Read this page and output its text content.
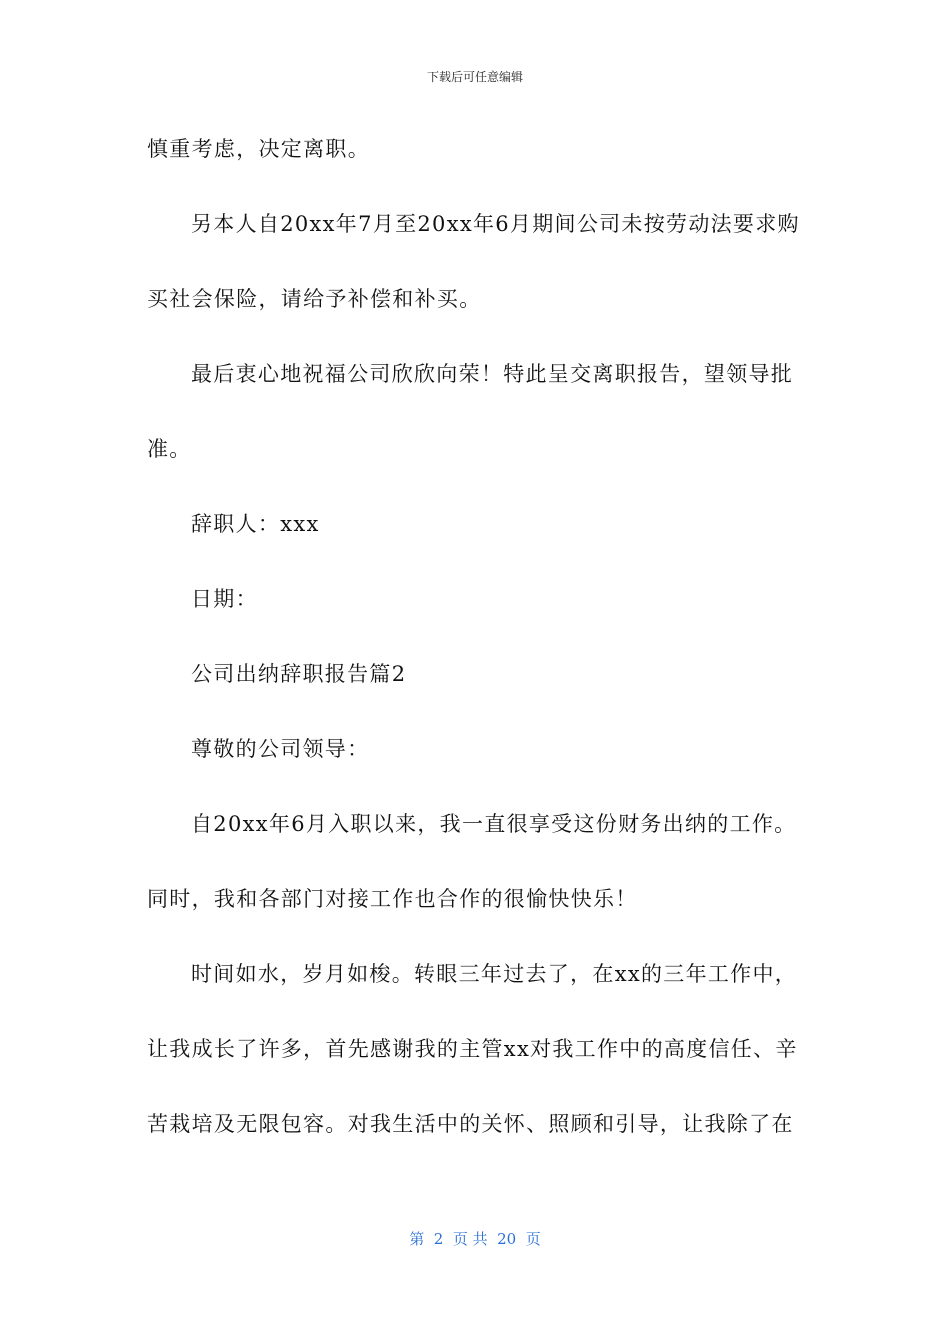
下载后可任意编辑
慎重考虑，决定离职。
另本人自20xx年7月至20xx年6月期间公司未按劳动法要求购
买社会保险，请给予补偿和补买。
最后衷心地祝福公司欣欣向荣！特此呈交离职报告，望领导批
准。
辞职人：xxx
日期：
公司出纳辞职报告篇2
尊敬的公司领导：
自20xx年6月入职以来，我一直很享受这份财务出纳的工作。
同时，我和各部门对接工作也合作的很愉快快乐！
时间如水，岁月如梭。转眼三年过去了，在xx的三年工作中，
让我成长了许多，首先感谢我的主管xx对我工作中的高度信任、辛
苦栽培及无限包容。对我生活中的关怀、照顾和引导，让我除了在
第  2  页 共  20  页
